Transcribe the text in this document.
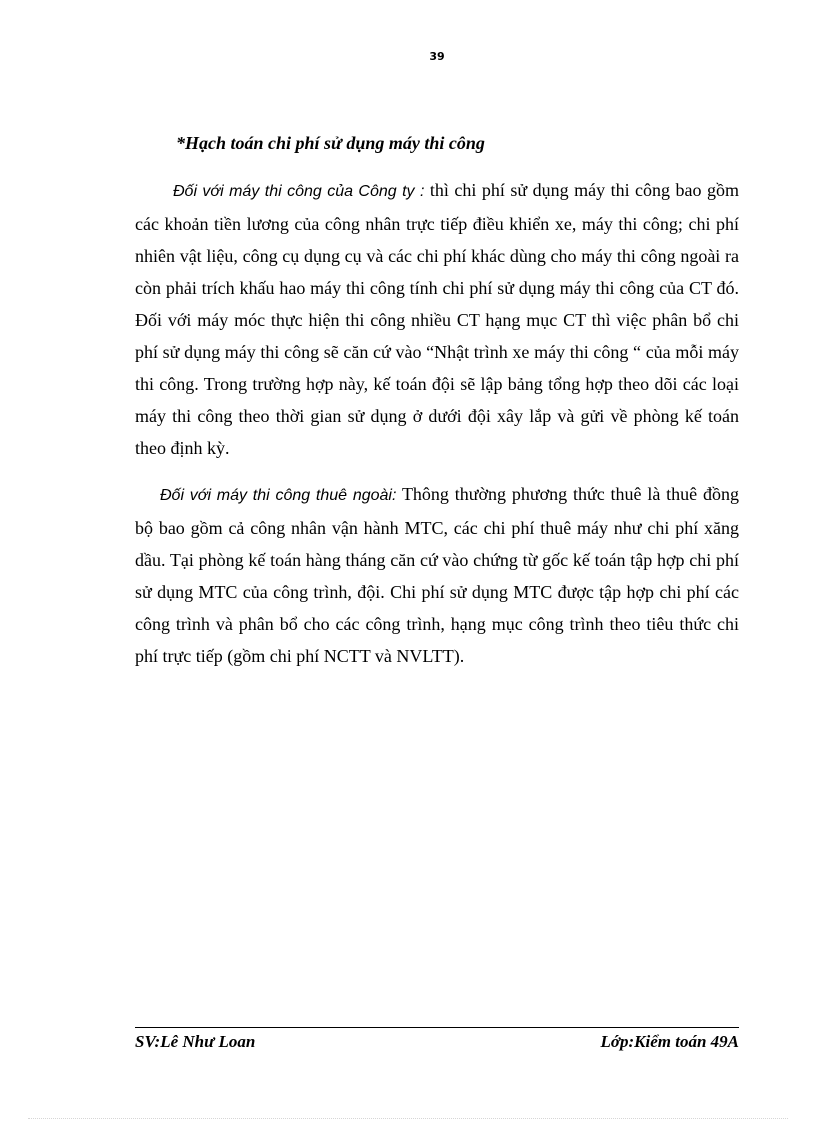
39
*Hạch toán chi phí sử dụng máy thi công

Đối với máy thi công của Công ty : thì chi phí sử dụng máy thi công bao gồm các khoản tiền lương của công nhân trực tiếp điều khiển xe, máy thi công; chi phí nhiên vật liệu, công cụ dụng cụ và các chi phí khác dùng cho máy thi công ngoài ra còn phải trích khấu hao máy thi công tính chi phí sử dụng máy thi công của CT đó. Đối với máy móc thực hiện thi công nhiều CT hạng mục CT thì việc phân bổ chi phí sử dụng máy thi công sẽ căn cứ vào “Nhật trình xe máy thi công “ của mỗi máy thi công. Trong trường hợp này, kế toán đội sẽ lập bảng tổng hợp theo dõi các loại máy thi công theo thời gian sử dụng ở dưới đội xây lắp và gửi về phòng kế toán theo định kỳ.

Đối với máy thi công thuê ngoài: Thông thường phương thức thuê là thuê đồng bộ bao gồm cả công nhân vận hành MTC, các chi phí thuê máy như chi phí xăng dầu. Tại phòng kế toán hàng tháng căn cứ vào chứng từ gốc kế toán tập hợp chi phí sử dụng MTC của công trình, đội. Chi phí sử dụng MTC được tập hợp chi phí các công trình và phân bổ cho các công trình, hạng mục công trình theo tiêu thức chi phí trực tiếp (gồm chi phí NCTT và NVLTT).

SV:Lê Như Loan	Lớp:Kiểm toán 49A
